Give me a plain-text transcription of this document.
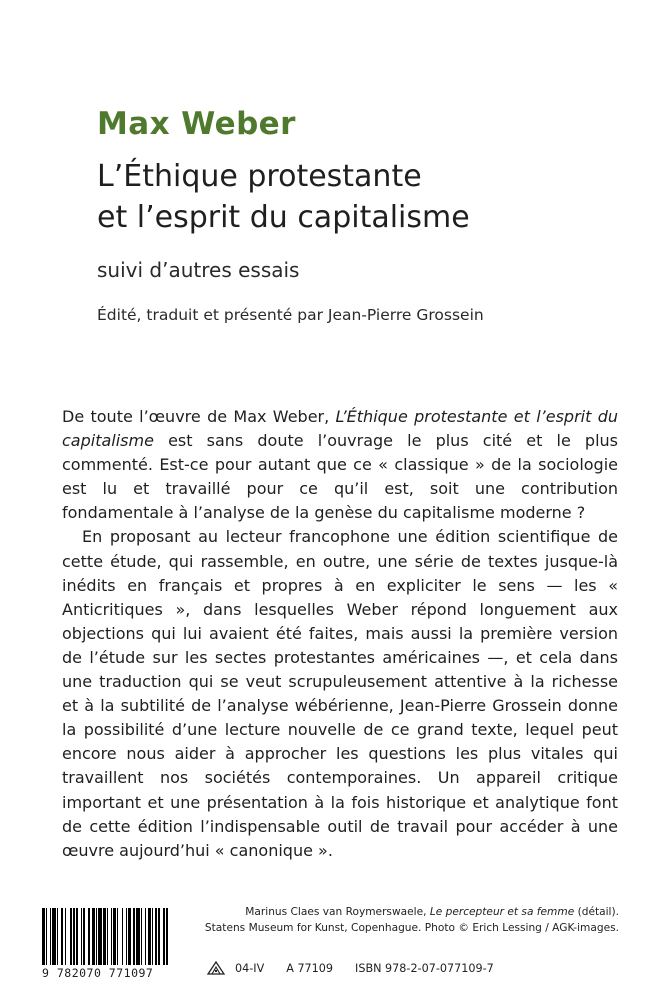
Max Weber
L’Éthique protestante
et l’esprit du capitalisme
suivi d’autres essais
Édité, traduit et présenté par Jean-Pierre Grossein

De toute l’œuvre de Max Weber, L’Éthique protestante et l’esprit du capitalisme est sans doute l’ouvrage le plus cité et le plus commenté. Est-ce pour autant que ce « classique » de la sociologie est lu et travaillé pour ce qu’il est, soit une contribution fondamentale à l’analyse de la genèse du capitalisme moderne ?

En proposant au lecteur francophone une édition scientifique de cette étude, qui rassemble, en outre, une série de textes jusque-là inédits en français et propres à en expliciter le sens — les « Anticritiques », dans lesquelles Weber répond longuement aux objections qui lui avaient été faites, mais aussi la première version de l’étude sur les sectes protestantes américaines —, et cela dans une traduction qui se veut scrupuleusement attentive à la richesse et à la subtilité de l’analyse wébérienne, Jean-Pierre Grossein donne la possibilité d’une lecture nouvelle de ce grand texte, lequel peut encore nous aider à approcher les questions les plus vitales qui travaillent nos sociétés contemporaines. Un appareil critique important et une présentation à la fois historique et analytique font de cette édition l’indispensable outil de travail pour accéder à une œuvre aujourd’hui « canonique ».

Marinus Claes van Roymerswaele, Le percepteur et sa femme (détail).
Statens Museum for Kunst, Copenhague. Photo © Erich Lessing / AGK-images.
9 782070 771097	04-IV A 77109 ISBN 978-2-07-077109-7
